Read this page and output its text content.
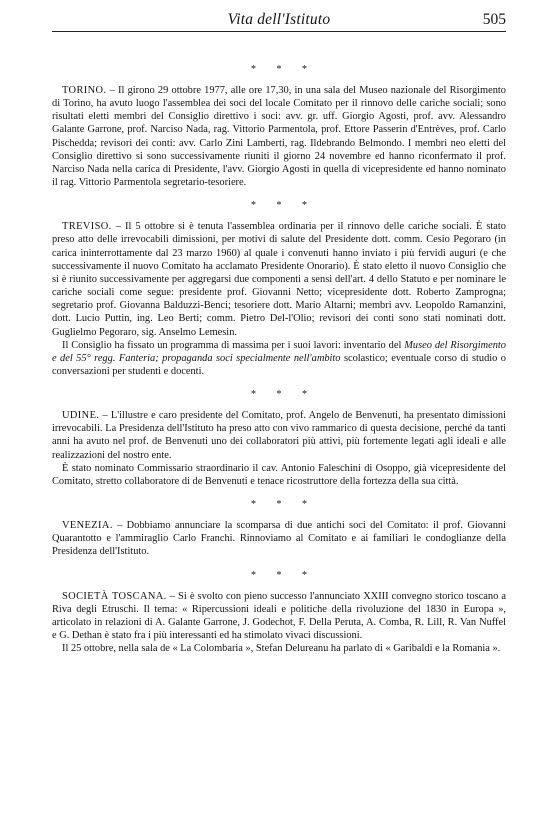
Vita dell'Istituto	505
* * *

TORINO. – Il girono 29 ottobre 1977, alle ore 17,30, in una sala del Museo nazionale del Risorgimento di Torino, ha avuto luogo l'assemblea dei soci del locale Comitato per il rinnovo delle cariche sociali; sono risultati eletti membri del Consiglio direttivo i soci: avv. gr. uff. Giorgio Agosti, prof. avv. Alessandro Galante Garrone, prof. Narciso Nada, rag. Vittorio Parmentola, prof. Ettore Passerin d'Entrèves, prof. Carlo Pischedda; revisori dei conti: avv. Carlo Zini Lamberti, rag. Ildebrando Belmondo. I membri neo eletti del Consiglio direttivo si sono successivamente riuniti il giorno 24 novembre ed hanno riconfermato il prof. Narciso Nada nella carica di Presidente, l'avv. Giorgio Agosti in quella di vicepresidente ed hanno nominato il rag. Vittorio Parmentola segretario-tesoriere.

* * *

TREVISO. – Il 5 ottobre si è tenuta l'assemblea ordinaria per il rinnovo delle cariche sociali. È stato preso atto delle irrevocabili dimissioni, per motivi di salute del Presidente dott. comm. Cesio Pegoraro (in carica ininterrottamente dal 23 marzo 1960) al quale i convenuti hanno inviato i più fervidi auguri (e che successivamente il nuovo Comitato ha acclamato Presidente Onorario). È stato eletto il nuovo Consiglio che si è riunito successivamente per aggregarsi due componenti a sensi dell'art. 4 dello Statuto e per nominare le cariche sociali come segue: presidente prof. Giovanni Netto; vicepresidente dott. Roberto Zamprogna; segretario prof. Giovanna Balduzzi-Benci; tesoriere dott. Mario Altarni; membri avv. Leopoldo Ramanzini, dott. Lucio Puttin, ing. Leo Berti; comm. Pietro Del-l'Olio; revisori dei conti sono stati nominati dott. Guglielmo Pegoraro, sig. Anselmo Lemesin.

Il Consiglio ha fissato un programma di massima per i suoi lavori: inventario del Museo del Risorgimento e del 55° regg. Fanteria; propaganda soci specialmente nell'ambito scolastico; eventuale corso di studio o conversazioni per studenti e docenti.

* * *

UDINE. – L'illustre e caro presidente del Comitato, prof. Angelo de Benvenuti, ha presentato dimissioni irrevocabili. La Presidenza dell'Istituto ha preso atto con vivo rammarico di questa decisione, perché da tanti anni ha avuto nel prof. de Benvenuti uno dei collaboratori più attivi, più fortemente legati agli ideali e alle realizzazioni del nostro ente.

È stato nominato Commissario straordinario il cav. Antonio Faleschini di Osoppo, già vicepresidente del Comitato, stretto collaboratore di de Benvenuti e tenace ricostruttore della fortezza della sua città.

* * *

VENEZIA. – Dobbiamo annunciare la scomparsa di due antichi soci del Comitato: il prof. Giovanni Quarantotto e l'ammiraglio Carlo Franchi. Rinnoviamo al Comitato e ai familiari le condoglianze della Presidenza dell'Istituto.

* * *

SOCIETÀ TOSCANA. – Si è svolto con pieno successo l'annunciato XXIII convegno storico toscano a Riva degli Etruschi. Il tema: « Ripercussioni ideali e politiche della rivoluzione del 1830 in Europa », articolato in relazioni di A. Galante Garrone, J. Godechot, F. Della Peruta, A. Comba, R. Lill, R. Van Nuffel e G. Dethan è stato fra i più interessanti ed ha stimolato vivaci discussioni.

Il 25 ottobre, nella sala de « La Colombaria », Stefan Delureanu ha parlato di « Garibaldi e la Romania ».
